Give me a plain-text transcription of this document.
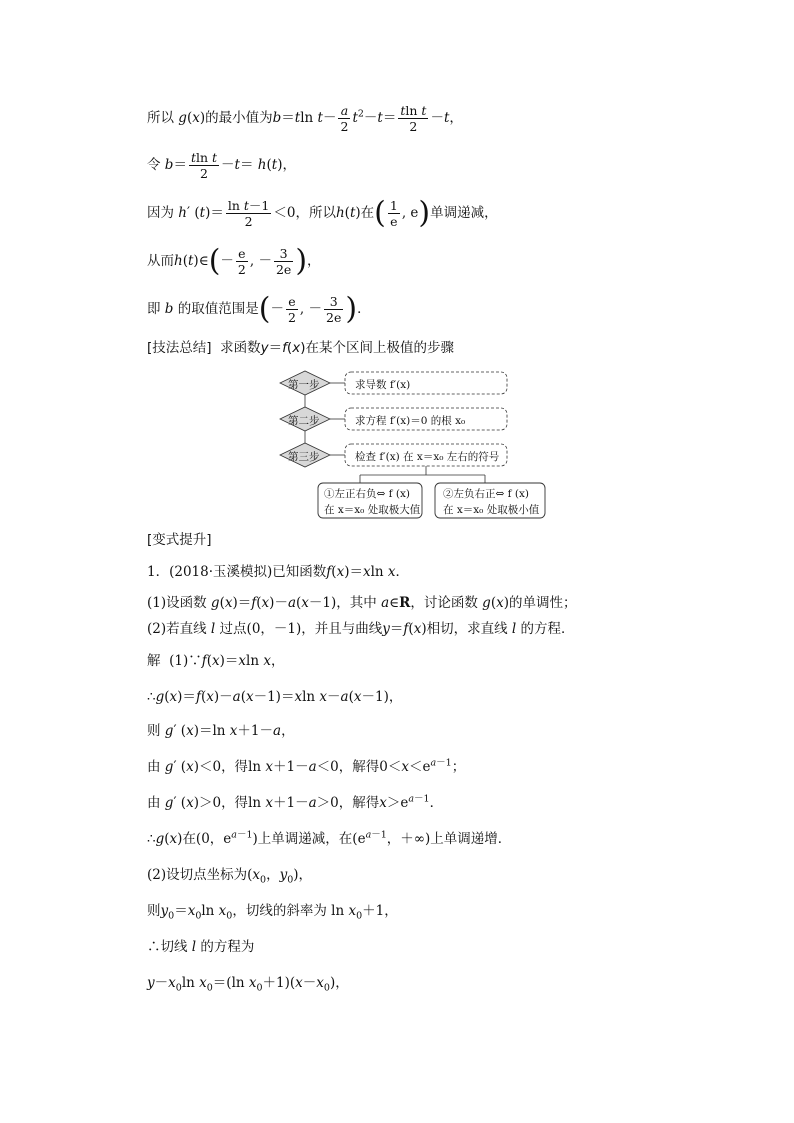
所以 g(x)的最小值为b＝tln $t- \frac{a}{2} t^2-t= \frac{\text{tln t}}{2} -t$，
令 $b= \frac{\text{tln t}}{2} -t= h(t)$，
因为 h′ $(t)= \frac{\text{ln t－1}}{2} <0$，所以h(t)在( $\frac{1}{e}$ , e)单调递减，
从而h(t)∈(－ $\frac{e}{2}$ , － $\frac{3}{2e}$ )，
即 b 的取值范围是(－ $\frac{e}{2}$ , － $\frac{3}{2e}$ )．
[技法总结] 求函数y＝f(x)在某个区间上极值的步骤
第一步
第二步
第三步
求导数 f′(x)
求方程 f′(x)＝0 的根 x₀
检查 f′(x) 在 x＝x₀ 左右的符号
①左正右负⇔ f (x)
在 x＝x₀ 处取极大值
②左负右正⇔ f (x)
在 x＝x₀ 处取极小值
[变式提升]
1．(2018·玉溪模拟)已知函数f(x)＝xln x．
(1)设函数 g(x)＝f(x)－a(x－1)，其中 a∈R，讨论函数 g(x)的单调性；
(2)若直线 l 过点(0，－1)，并且与曲线y＝f(x)相切，求直线 l 的方程．
解 (1)∵f(x)＝xln x，
∴g(x)＝f(x)－a(x－1)＝xln x－a(x－1)，
则 g′ (x)＝ln x＋1－a，
由 g′ (x)＜0，得ln x＋1－a＜0，解得$0<x<e^{a-1}$；
由 g′ (x)＞0，得ln x＋1－a＞0，解得$x>e^{a-1}$．
∴g(x)在(0，$e^{a-1}$)上单调递减，在($e^{a-1}$，＋∞)上单调递增．
(2)设切点坐标为($x_0$，$y_0$)，
则$y_0=x_0\ln$ $x_0$，切线的斜率为 $\ln x_0+1$，
∴切线 l 的方程为
$y-x_0\ln$ $x_0=(\ln$ $x_0+1)(x-x_0)$，
